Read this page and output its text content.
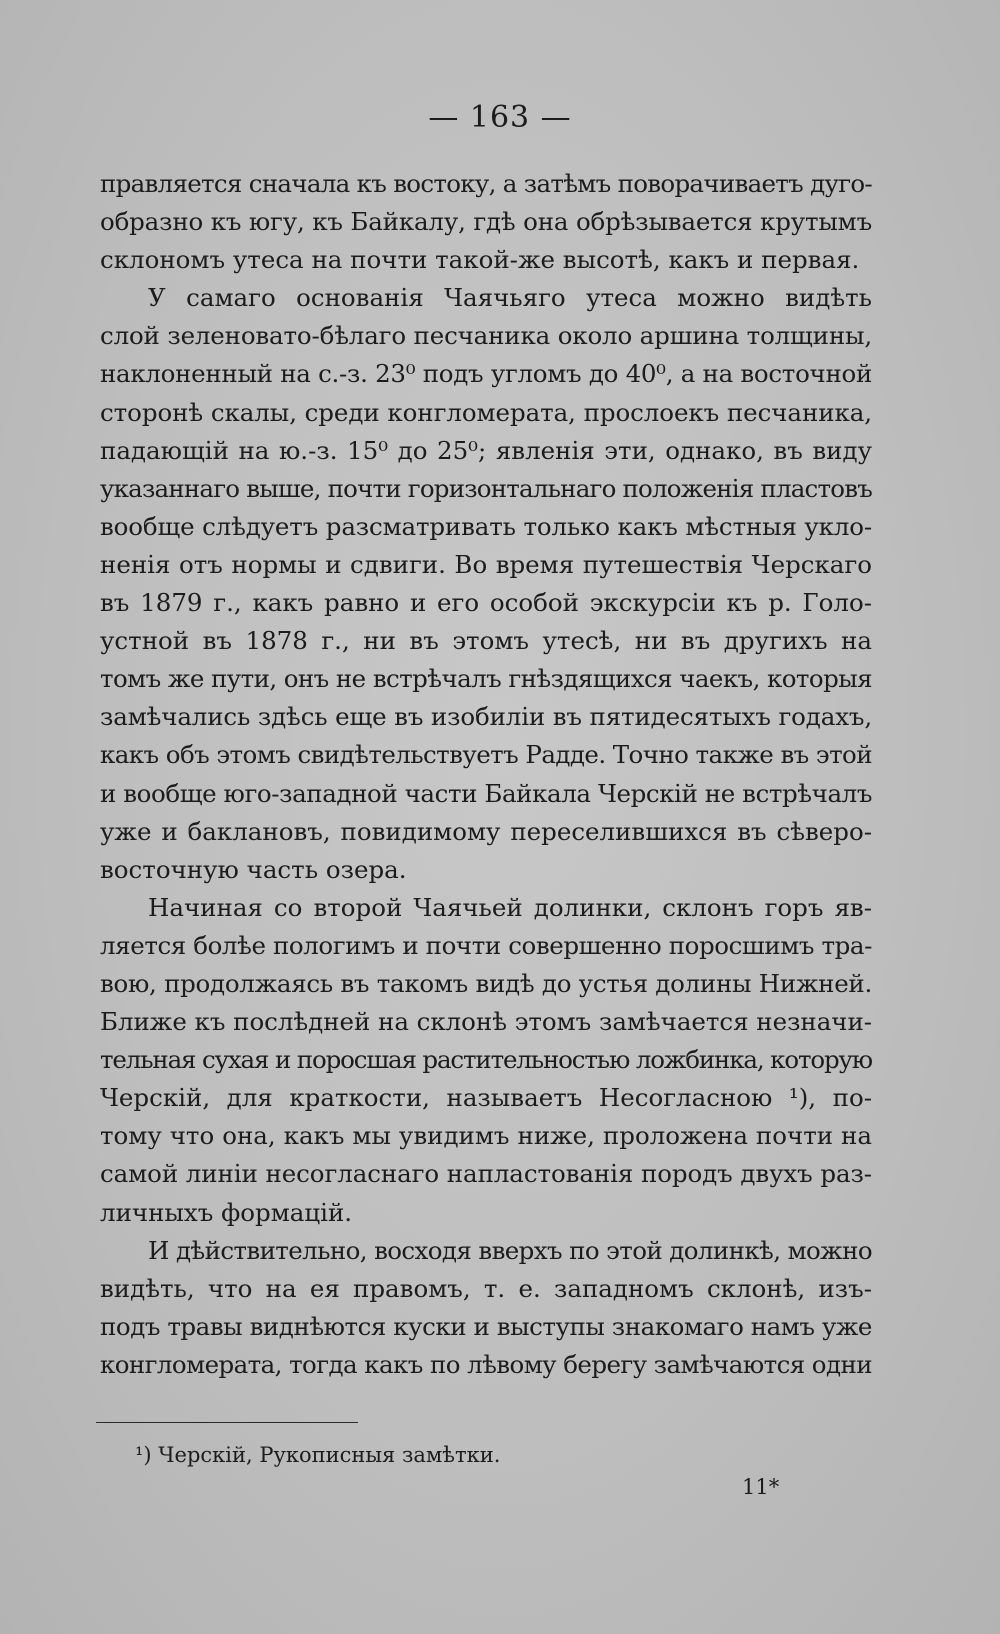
— 163 —
правляется сначала къ востоку, а затѣмъ поворачиваетъ дуго-
образно къ югу, къ Байкалу, гдѣ она обрѣзывается крутымъ
склономъ утеса на почти такой-же высотѣ, какъ и первая.
У самаго основанія Чаячьяго утеса можно видѣть
слой зеленовато-бѣлаго песчаника около аршина толщины,
наклоненный на с.-з. 23⁰ подъ угломъ до 40⁰, а на восточной
сторонѣ скалы, среди конгломерата, прослоекъ песчаника,
падающій на ю.-з. 15⁰ до 25⁰; явленія эти, однако, въ виду
указаннаго выше, почти горизонтальнаго положенія пластовъ
вообще слѣдуетъ разсматривать только какъ мѣстныя укло-
ненія отъ нормы и сдвиги. Во время путешествія Черскаго
въ 1879 г., какъ равно и его особой экскурсіи къ р. Голо-
устной въ 1878 г., ни въ этомъ утесѣ, ни въ другихъ на
томъ же пути, онъ не встрѣчалъ гнѣздящихся чаекъ, которыя
замѣчались здѣсь еще въ изобиліи въ пятидесятыхъ годахъ,
какъ объ этомъ свидѣтельствуетъ Радде. Точно также въ этой
и вообще юго-западной части Байкала Черскій не встрѣчалъ
уже и баклановъ, повидимому переселившихся въ сѣверо-
восточную часть озера.
Начиная со второй Чаячьей долинки, склонъ горъ яв-
ляется болѣе пологимъ и почти совершенно поросшимъ тра-
вою, продолжаясь въ такомъ видѣ до устья долины Нижней.
Ближе къ послѣдней на склонѣ этомъ замѣчается незначи-
тельная сухая и поросшая растительностью ложбинка, которую
Черскій, для краткости, называетъ Несогласною ¹), по-
тому что она, какъ мы увидимъ ниже, проложена почти на
самой линіи несогласнаго напластованія породъ двухъ раз-
личныхъ формацій.
И дѣйствительно, восходя вверхъ по этой долинкѣ, можно
видѣть, что на ея правомъ, т. е. западномъ склонѣ, изъ-
подъ травы виднѣются куски и выступы знакомаго намъ уже
конгломерата, тогда какъ по лѣвому берегу замѣчаются одни
¹) Черскій, Рукописныя замѣтки.
11*
